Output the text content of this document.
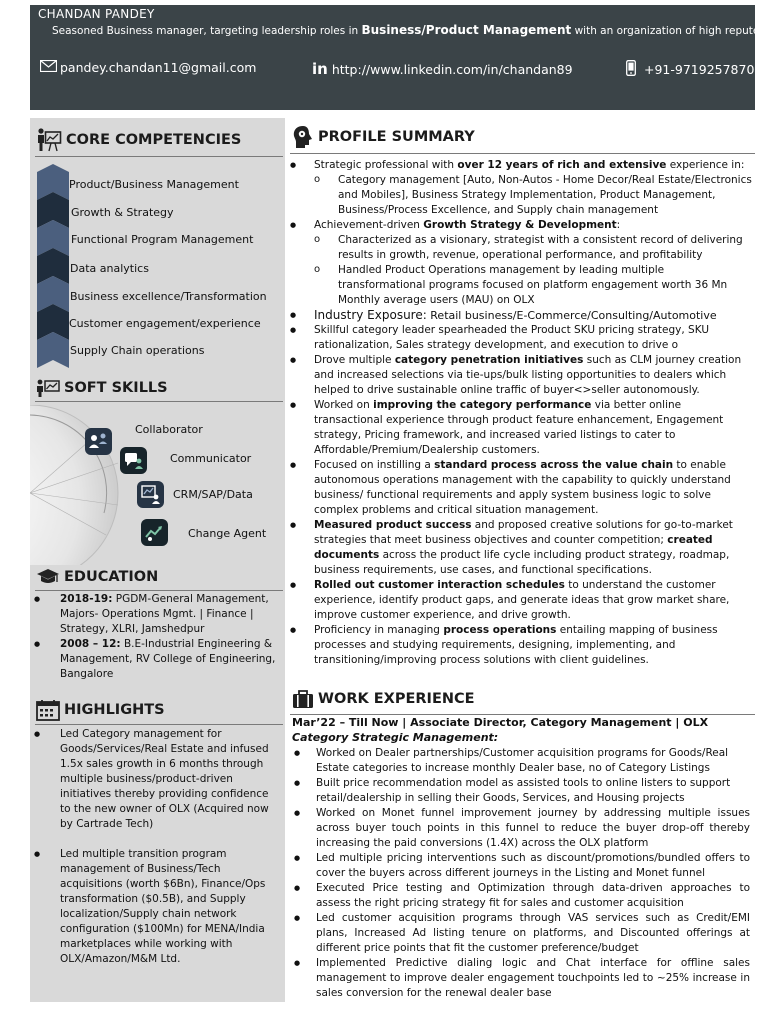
CHANDAN PANDEY
Seasoned Business manager, targeting leadership roles in Business/Product Management with an organization of high repute.
pandey.chandan11@gmail.com	in http://www.linkedin.com/in/chandan89	+91-9719257870
CORE COMPETENCIES
Product/Business Management
Growth & Strategy
Functional Program Management
Data analytics
Business excellence/Transformation
Customer engagement/experience
Supply Chain operations
SOFT SKILLS
Collaborator
Communicator
CRM/SAP/Data
Change Agent
EDUCATION
● 2018-19: PGDM-General Management, Majors- Operations Mgmt. | Finance | Strategy, XLRI, Jamshedpur
● 2008 – 12: B.E-Industrial Engineering & Management, RV College of Engineering, Bangalore
HIGHLIGHTS
● Led Category management for Goods/Services/Real Estate and infused 1.5x sales growth in 6 months through multiple business/product-driven initiatives thereby providing confidence to the new owner of OLX (Acquired now by Cartrade Tech)
● Led multiple transition program management of Business/Tech acquisitions (worth $6Bn), Finance/Ops transformation ($0.5B), and Supply localization/Supply chain network configuration ($100Mn) for MENA/India marketplaces while working with OLX/Amazon/M&M Ltd.
PROFILE SUMMARY
● Strategic professional with over 12 years of rich and extensive experience in:
o Category management [Auto, Non-Autos - Home Decor/Real Estate/Electronics and Mobiles], Business Strategy Implementation, Product Management, Business/Process Excellence, and Supply chain management
● Achievement-driven Growth Strategy & Development:
o Characterized as a visionary, strategist with a consistent record of delivering results in growth, revenue, operational performance, and profitability
o Handled Product Operations management by leading multiple transformational programs focused on platform engagement worth 36 Mn Monthly average users (MAU) on OLX
● Industry Exposure: Retail business/E-Commerce/Consulting/Automotive
● Skillful category leader spearheaded the Product SKU pricing strategy, SKU rationalization, Sales strategy development, and execution to drive o
● Drove multiple category penetration initiatives such as CLM journey creation and increased selections via tie-ups/bulk listing opportunities to dealers which helped to drive sustainable online traffic of buyer<>seller autonomously.
● Worked on improving the category performance via better online transactional experience through product feature enhancement, Engagement strategy, Pricing framework, and increased varied listings to cater to Affordable/Premium/Dealership customers.
● Focused on instilling a standard process across the value chain to enable autonomous operations management with the capability to quickly understand business/ functional requirements and apply system business logic to solve complex problems and critical situation management.
● Measured product success and proposed creative solutions for go-to-market strategies that meet business objectives and counter competition; created documents across the product life cycle including product strategy, roadmap, business requirements, use cases, and functional specifications.
● Rolled out customer interaction schedules to understand the customer experience, identify product gaps, and generate ideas that grow market share, improve customer experience, and drive growth.
● Proficiency in managing process operations entailing mapping of business processes and studying requirements, designing, implementing, and transitioning/improving process solutions with client guidelines.
WORK EXPERIENCE
Mar’22 – Till Now | Associate Director, Category Management | OLX
Category Strategic Management:
● Worked on Dealer partnerships/Customer acquisition programs for Goods/Real Estate categories to increase monthly Dealer base, no of Category Listings
● Built price recommendation model as assisted tools to online listers to support retail/dealership in selling their Goods, Services, and Housing projects
● Worked on Monet funnel improvement journey by addressing multiple issues across buyer touch points in this funnel to reduce the buyer drop-off thereby increasing the paid conversions (1.4X) across the OLX platform
● Led multiple pricing interventions such as discount/promotions/bundled offers to cover the buyers across different journeys in the Listing and Monet funnel
● Executed Price testing and Optimization through data-driven approaches to assess the right pricing strategy fit for sales and customer acquisition
● Led customer acquisition programs through VAS services such as Credit/EMI plans, Increased Ad listing tenure on platforms, and Discounted offerings at different price points that fit the customer preference/budget
● Implemented Predictive dialing logic and Chat interface for offline sales management to improve dealer engagement touchpoints led to ~25% increase in sales conversion for the renewal dealer base
